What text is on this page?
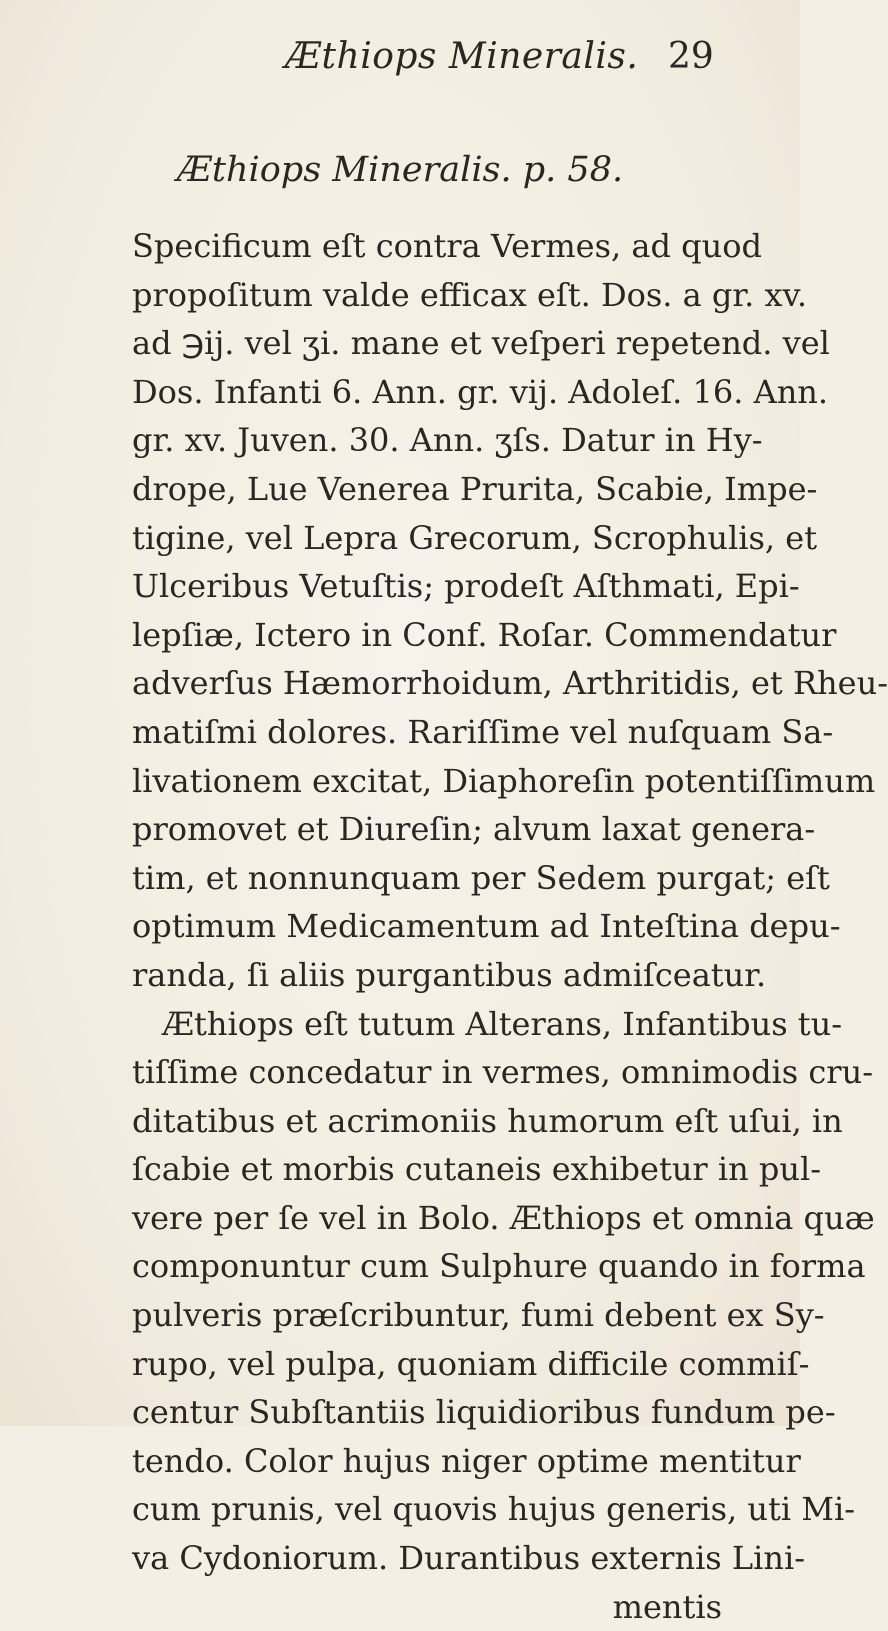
Æthiops Mineralis. 29
Æthiops Mineralis. p. 58.
Specificum eſt contra Vermes, ad quod
propoſitum valde efficax eſt. Dos. a gr. xv.
ad ℈ij. vel ʒi. mane et veſperi repetend. vel
Dos. Infanti 6. Ann. gr. vij. Adoleſ. 16. Ann.
gr. xv. Juven. 30. Ann. ʒſs. Datur in Hy-
drope, Lue Venerea Prurita, Scabie, Impe-
tigine, vel Lepra Grecorum, Scrophulis, et
Ulceribus Vetuſtis; prodeſt Aſthmati, Epi-
lepſiæ, Ictero in Conf. Roſar. Commendatur
adverſus Hæmorrhoidum, Arthritidis, et Rheu-
matiſmi dolores. Rariſſime vel nuſquam Sa-
livationem excitat, Diaphoreſin potentiſſimum
promovet et Diureſin; alvum laxat genera-
tim, et nonnunquam per Sedem purgat; eſt
optimum Medicamentum ad Inteſtina depu-
randa, ſi aliis purgantibus admiſceatur.
Æthiops eſt tutum Alterans, Infantibus tu-
tiſſime concedatur in vermes, omnimodis cru-
ditatibus et acrimoniis humorum eſt uſui, in
ſcabie et morbis cutaneis exhibetur in pul-
vere per ſe vel in Bolo. Æthiops et omnia quæ
componuntur cum Sulphure quando in forma
pulveris præſcribuntur, fumi debent ex Sy-
rupo, vel pulpa, quoniam difficile commiſ-
centur Subſtantiis liquidioribus fundum pe-
tendo. Color hujus niger optime mentitur
cum prunis, vel quovis hujus generis, uti Mi-
va Cydoniorum. Durantibus externis Lini-
mentis
